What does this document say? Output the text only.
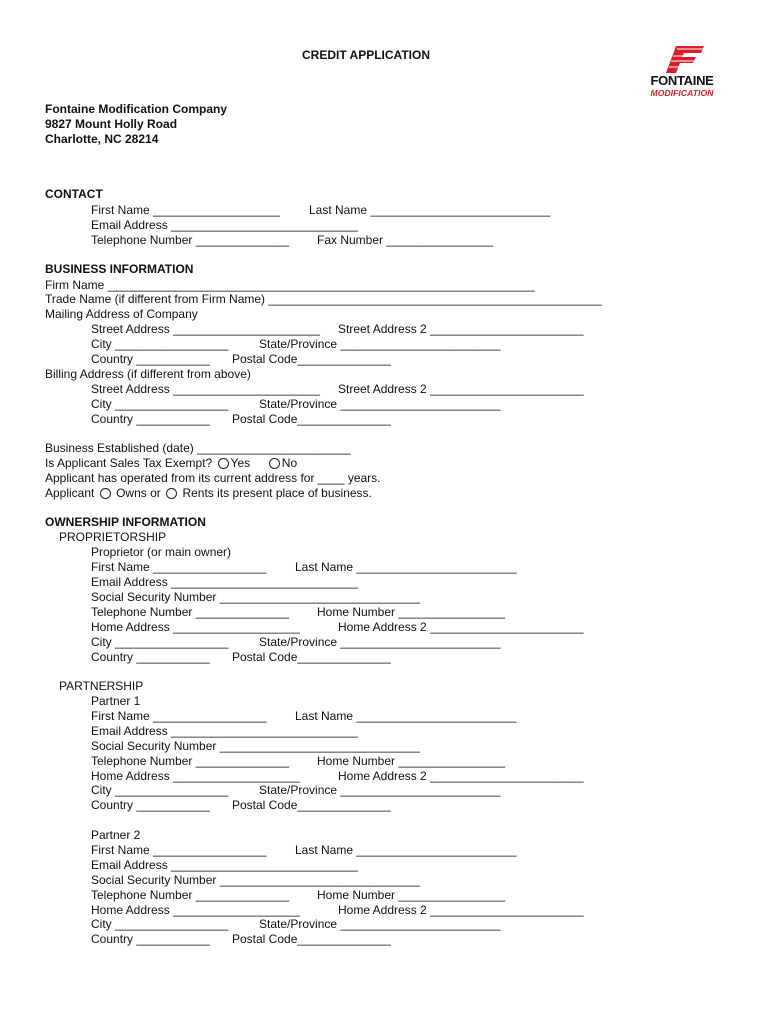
CREDIT APPLICATION
FONTAINE
MODIFICATION
Fontaine Modification Company
9827 Mount Holly Road
Charlotte, NC 28214
CONTACT
First Name ___________________ Last Name ___________________________
Email Address ____________________________
Telephone Number ______________ Fax Number ________________
BUSINESS INFORMATION
Firm Name ________________________________________________________________
Trade Name (if different from Firm Name) __________________________________________________
Mailing Address of Company
Street Address ______________________ Street Address 2 _______________________
City _________________	State/Province ________________________
Country ___________ Postal Code______________
Billing Address (if different from above)
Street Address ______________________ Street Address 2 _______________________
City _________________	State/Province ________________________
Country ___________ Postal Code______________
Business Established (date) _______________________
Is Applicant Sales Tax Exempt? Yes	No
Applicant has operated from its current address for ____ years.
Applicant Owns or Rents its present place of business.
OWNERSHIP INFORMATION
PROPRIETORSHIP
Proprietor (or main owner)
First Name _________________ Last Name ________________________
Email Address ____________________________
Social Security Number ______________________________
Telephone Number ______________ Home Number ________________
Home Address ___________________	Home Address 2 _______________________
City _________________	State/Province ________________________
Country ___________ Postal Code______________
PARTNERSHIP
Partner 1
First Name _________________ Last Name ________________________
Email Address ____________________________
Social Security Number ______________________________
Telephone Number ______________ Home Number ________________
Home Address ___________________	Home Address 2 _______________________
City _________________	State/Province ________________________
Country ___________ Postal Code______________
Partner 2
First Name _________________ Last Name ________________________
Email Address ____________________________
Social Security Number ______________________________
Telephone Number ______________ Home Number ________________
Home Address ___________________	Home Address 2 _______________________
City _________________	State/Province ________________________
Country ___________ Postal Code______________
